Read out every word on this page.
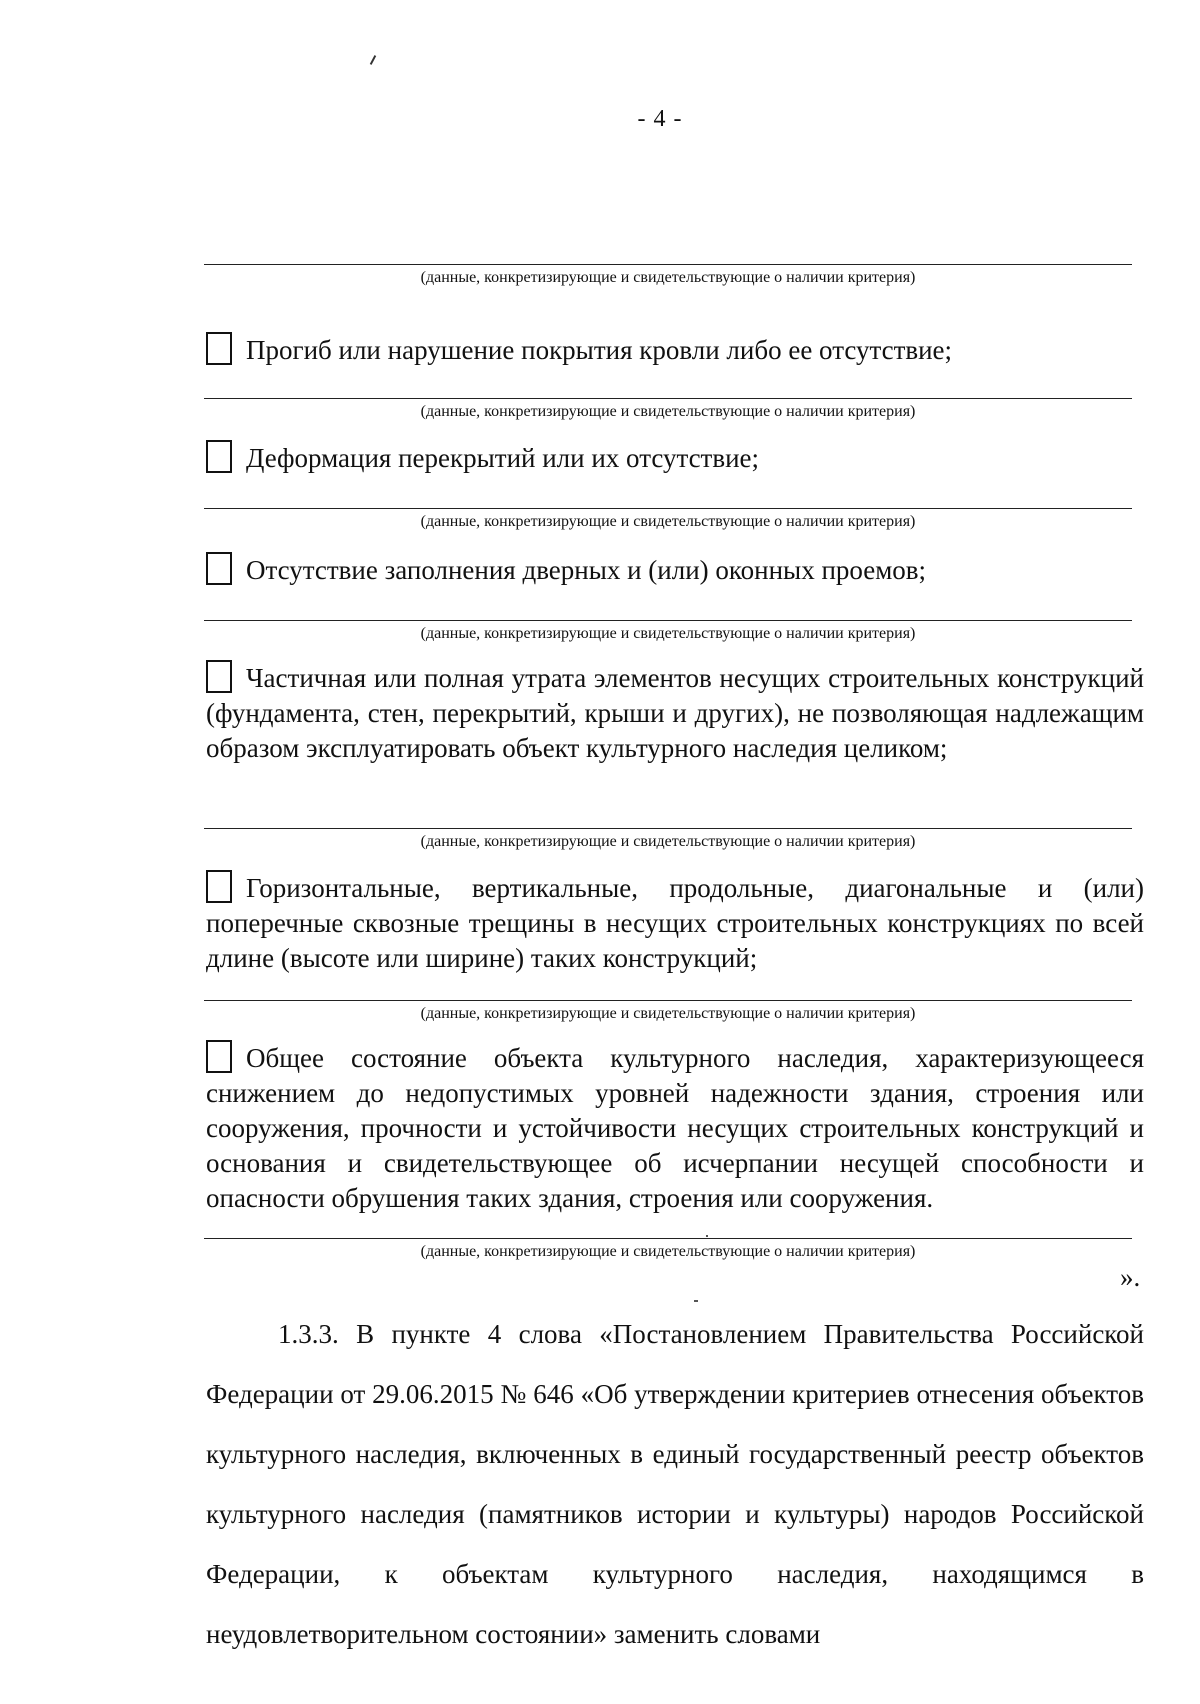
- 4 -
(данные, конкретизирующие и свидетельствующие о наличии критерия)
Прогиб или нарушение покрытия кровли либо ее отсутствие;
(данные, конкретизирующие и свидетельствующие о наличии критерия)
Деформация перекрытий или их отсутствие;
(данные, конкретизирующие и свидетельствующие о наличии критерия)
Отсутствие заполнения дверных и (или) оконных проемов;
(данные, конкретизирующие и свидетельствующие о наличии критерия)
Частичная или полная утрата элементов несущих строительных конструкций (фундамента, стен, перекрытий, крыши и других), не позволяющая надлежащим образом эксплуатировать объект культурного наследия целиком;
(данные, конкретизирующие и свидетельствующие о наличии критерия)
Горизонтальные, вертикальные, продольные, диагональные и (или) поперечные сквозные трещины в несущих строительных конструкциях по всей длине (высоте или ширине) таких конструкций;
(данные, конкретизирующие и свидетельствующие о наличии критерия)
Общее состояние объекта культурного наследия, характеризующееся снижением до недопустимых уровней надежности здания, строения или сооружения, прочности и устойчивости несущих строительных конструкций и основания и свидетельствующее об исчерпании несущей способности и опасности обрушения таких здания, строения или сооружения.
(данные, конкретизирующие и свидетельствующие о наличии критерия)
».
1.3.3. В пункте 4 слова «Постановлением Правительства Российской Федерации от 29.06.2015 № 646 «Об утверждении критериев отнесения объектов культурного наследия, включенных в единый государственный реестр объектов культурного наследия (памятников истории и культуры) народов Российской Федерации, к объектам культурного наследия, находящимся в неудовлетворительном состоянии» заменить словами
